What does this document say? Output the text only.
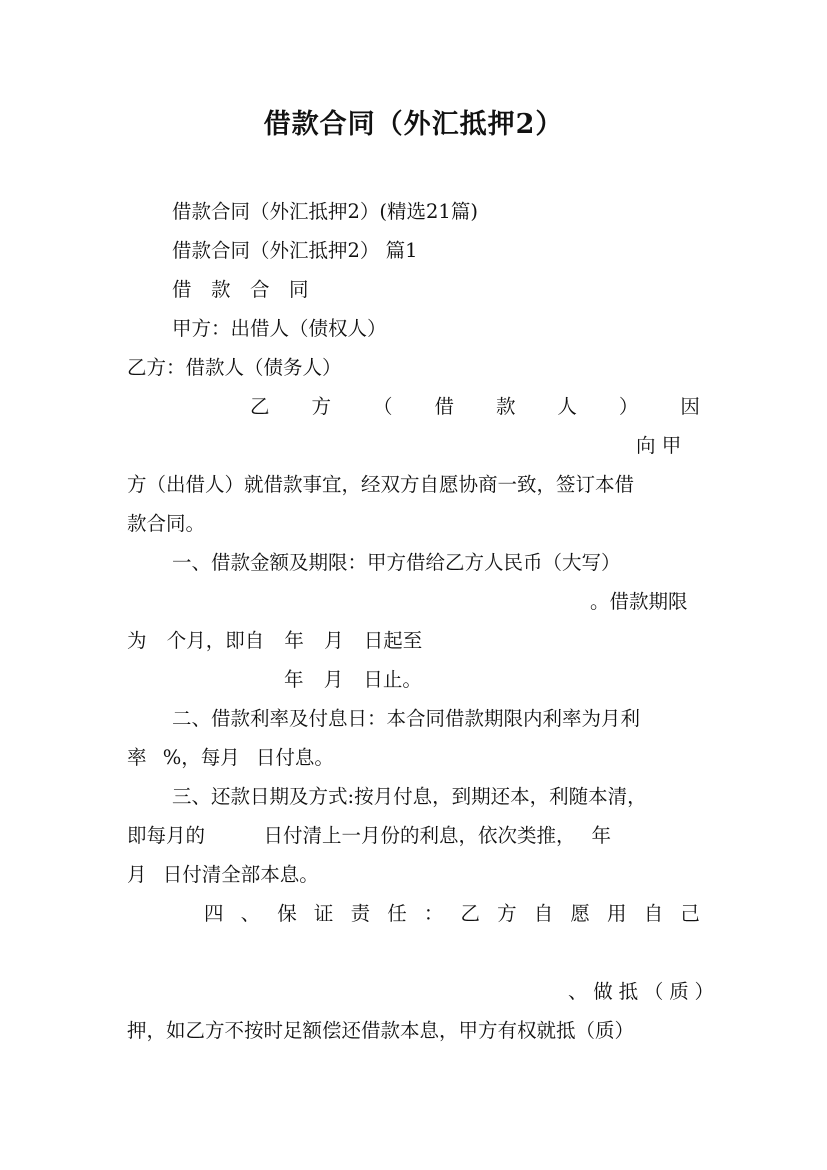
借款合同（外汇抵押2）
借款合同（外汇抵押2）(精选21篇)
借款合同（外汇抵押2） 篇1
借　款　合　同
甲方：出借人（债权人）
乙方：借款人（债务人）
乙 方 （ 借 款 人 ） 因
向 甲
方（出借人）就借款事宜，经双方自愿协商一致，签订本借
款合同。
一、借款金额及期限：甲方借给乙方人民币（大写）
。借款期限
为 个月，即自 年 月 日起至
年 月 日止。
二、借款利率及付息日：本合同借款期限内利率为月利
率 %，每月 日付息。
三、还款日期及方式:按月付息，到期还本，利随本清，
即每月的　　　日付清上一月份的利息，依次类推，　 年
月 日付清全部本息。
四 、 保 证 责 任 ： 乙 方 自 愿 用 自 己
、 做 抵 （ 质 ）
押，如乙方不按时足额偿还借款本息，甲方有权就抵（质）
